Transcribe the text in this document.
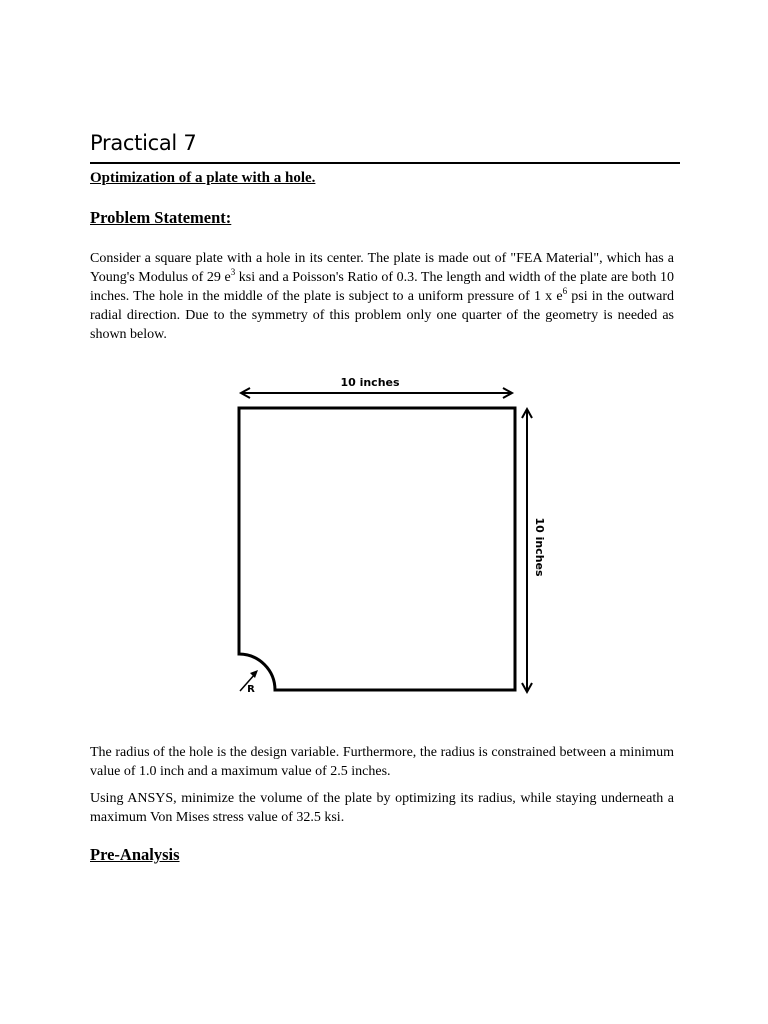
Practical 7
Optimization of a plate with a hole.
Problem Statement:

Consider a square plate with a hole in its center. The plate is made out of "FEA Material", which has a Young's Modulus of 29 $e^3$ ksi and a Poisson's Ratio of 0.3. The length and width of the plate are both 10 inches. The hole in the middle of the plate is subject to a uniform pressure of 1 x $e^6$ psi in the outward radial direction. Due to the symmetry of this problem only one quarter of the geometry is needed as shown below.

10 inches
10 inches
R

The radius of the hole is the design variable. Furthermore, the radius is constrained between a minimum value of 1.0 inch and a maximum value of 2.5 inches.

Using ANSYS, minimize the volume of the plate by optimizing its radius, while staying underneath a maximum Von Mises stress value of 32.5 ksi.

Pre-Analysis
